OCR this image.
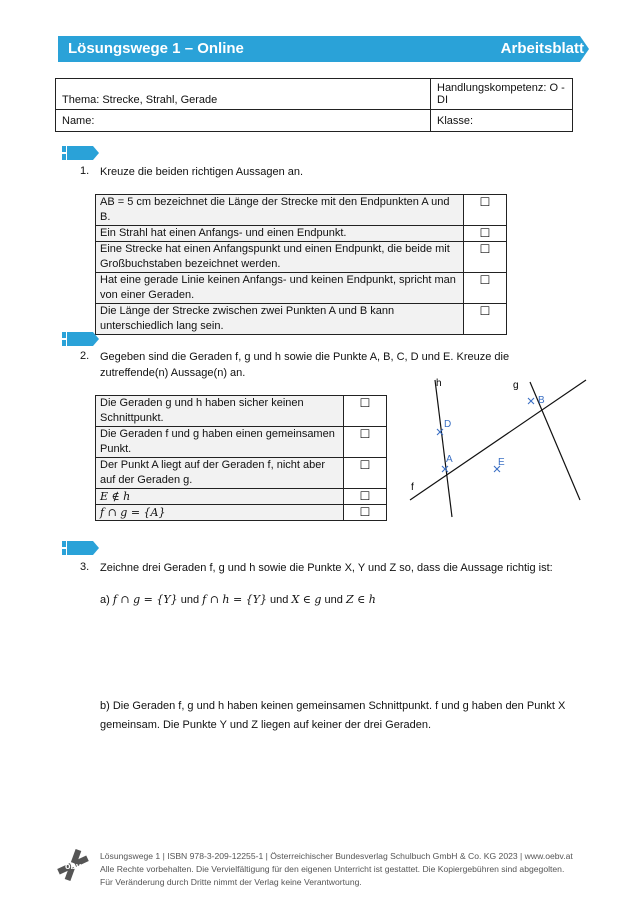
Lösungswege 1 – Online	Arbeitsblatt
Thema: Strecke, Strahl, Gerade	Handlungskompetenz: O - DI
Name:	Klasse:
1. Kreuze die beiden richtigen Aussagen an.
AB = 5 cm bezeichnet die Länge der Strecke mit den Endpunkten A und B.	☐
Ein Strahl hat einen Anfangs- und einen Endpunkt.	☐
Eine Strecke hat einen Anfangspunkt und einen Endpunkt, die beide mit Großbuchstaben bezeichnet werden.	☐
Hat eine gerade Linie keinen Anfangs- und keinen Endpunkt, spricht man von einer Geraden.	☐
Die Länge der Strecke zwischen zwei Punkten A und B kann unterschiedlich lang sein.	☐
2. Gegeben sind die Geraden f, g und h sowie die Punkte A, B, C, D und E. Kreuze die zutreffende(n) Aussage(n) an.
Die Geraden g und h haben sicher keinen Schnittpunkt.	☐
Die Geraden f und g haben einen gemeinsamen Punkt.	☐
Der Punkt A liegt auf der Geraden f, nicht aber auf der Geraden g.	☐
E ∉ h	☐
f ∩ g = {A}	☐
h	g
f
D
A
B
E
3. Zeichne drei Geraden f, g und h sowie die Punkte X, Y und Z so, dass die Aussage richtig ist:
a) f ∩ g = {Y} und f ∩ h = {Y} und X ∈ g und Z ∈ h
b) Die Geraden f, g und h haben keinen gemeinsamen Schnittpunkt. f und g haben den Punkt X
gemeinsam. Die Punkte Y und Z liegen auf keiner der drei Geraden.
öbv
Lösungswege 1 | ISBN 978-3-209-12255-1 | Österreichischer Bundesverlag Schulbuch GmbH & Co. KG 2023 | www.oebv.at
Alle Rechte vorbehalten. Die Vervielfältigung für den eigenen Unterricht ist gestattet. Die Kopiergebühren sind abgegolten.
Für Veränderung durch Dritte nimmt der Verlag keine Verantwortung.
